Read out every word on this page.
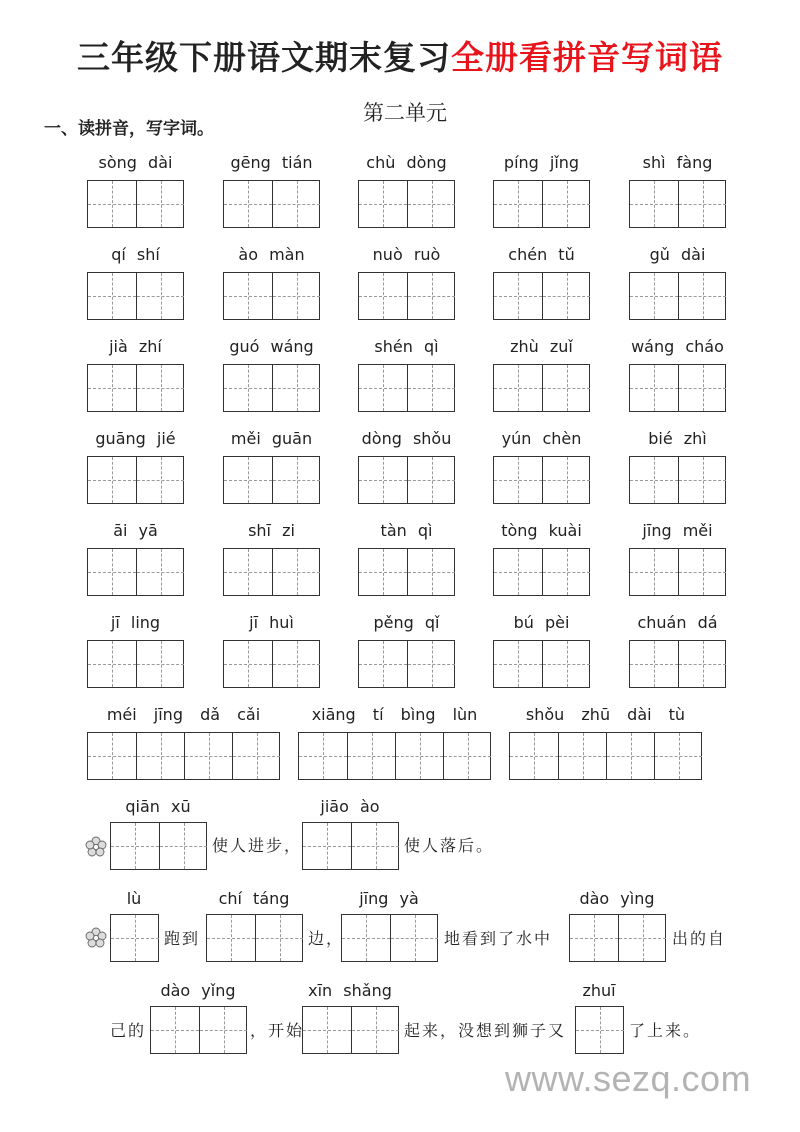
三年级下册语文期末复习全册看拼音写词语
第二单元
一、读拼音，写字词。
sòng dài	gēng tián	chù dòng	píng jǐng	shì fàng
qí shí	ào màn	nuò ruò	chén tǔ	gǔ dài
jià zhí	guó wáng	shén qì	zhù zuǐ	wáng cháo
guāng jié	měi guān	dòng shǒu	yún chèn	bié zhì
āi yā	shī zi	tàn qì	tòng kuài	jīng měi
jī ling	jī huì	pěng qǐ	bú pèi	chuán dá
méi jīng dǎ cǎi	xiāng tí bìng lùn	shǒu zhū dài tù
qiān xū
使人进步，
jiāo ào
使人落后。
lù
跑到
chí táng
边，
jīng yà
地看到了水中
dào yìng
出的自
己的
dào yǐng
，开始
xīn shǎng
起来，没想到狮子又
zhuī
了上来。
www.sezq.com
